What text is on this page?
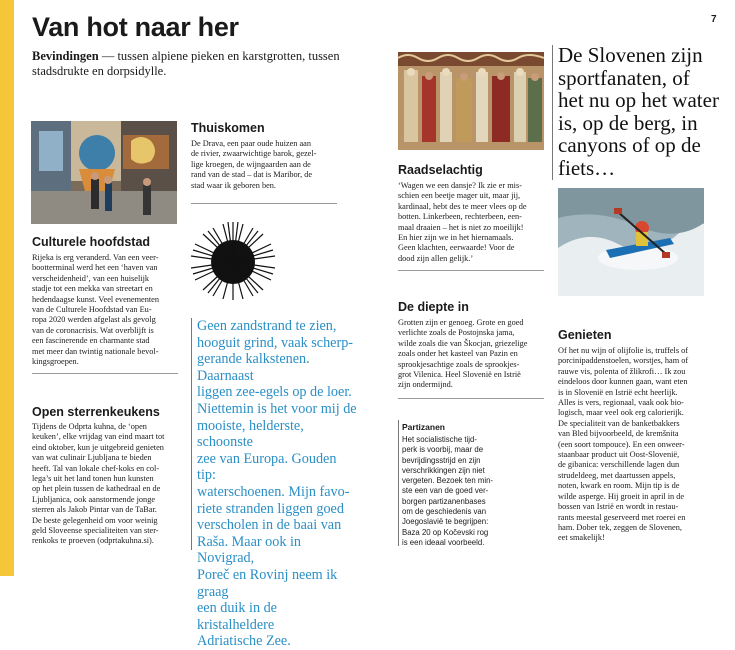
Van hot naar her	7
Bevindingen — tussen alpiene pieken en karstgrotten, tussen stadsdrukte en dorpsidylle.
Culturele hoofdstad
Rijeka is erg veranderd. Van een veer-
bootterminal werd het een ‘haven van
verscheidenheid’, van een huiselijk
stadje tot een mekka van streetart en
hedendaagse kunst. Veel evenementen
van de Culturele Hoofdstad van Eu-
ropa 2020 werden afgelast als gevolg
van de coronacrisis. Wat overblijft is
een fascinerende en charmante stad
met meer dan twintig nationale bevol-
kingsgroepen.
Open sterrenkeukens
Tijdens de Odprta kuhna, de ‘open
keuken’, elke vrijdag van eind maart tot
eind oktober, kun je uitgebreid genieten
van wat culinair Ljubljana te bieden
heeft. Tal van lokale chef-koks en col-
lega’s uit het land tonen hun kunsten
op het plein tussen de kathedraal en de
Ljubljanica, ook aanstormende jonge
sterren als Jakob Pintar van de TaBar.
De beste gelegenheid om voor weinig
geld Sloveense specialiteiten van ster-
renkoks te proeven (odprtakuhna.si).
Thuiskomen
De Drava, een paar oude huizen aan
de rivier, zwaarwichtige barok, gezel-
lige kroegen, de wijngaarden aan de
rand van de stad – dat is Maribor, de
stad waar ik geboren ben.
Geen zandstrand te zien,
hooguit grind, vaak scherp-
gerande kalkstenen. Daarnaast
liggen zee-egels op de loer.
Niettemin is het voor mij de
mooiste, helderste, schoonste
zee van Europa. Gouden tip:
waterschoenen. Mijn favo-
riete stranden liggen goed
verscholen in de baai van
Raša. Maar ook in Novigrad,
Poreč en Rovinj neem ik graag
een duik in de kristalheldere
Adriatische Zee.
Raadselachtig
‘Wagen we een dansje? Ik zie er mis-
schien een beetje mager uit, maar jij,
kardinaal, hebt des te meer vlees op de
botten. Linkerbeen, rechterbeen, een-
maal draaien – het is niet zo moeilijk!
En hier zijn we in het hiernamaals.
Geen klachten, eerwaarde! Voor de
dood zijn allen gelijk.’
De diepte in
Grotten zijn er genoeg. Grote en goed
verlichte zoals de Postojnska jama,
wilde zoals die van Škocjan, griezelige
zoals onder het kasteel van Pazin en
sprookjesachtige zoals de sprookjes-
grot Vilenica. Heel Slovenië en Istrië
zijn ondermijnd.
Partizanen
Het socialistische tijd-
perk is voorbij, maar de
bevrijdingsstrijd en zijn
verschrikkingen zijn niet
vergeten. Bezoek ten min-
ste een van de goed ver-
borgen partizanenbases
om de geschiedenis van
Joegoslavië te begrijpen:
Baza 20 op Kočevski rog
is een ideaal voorbeeld.
De Slovenen zijn
sportfanaten, of
het nu op het water
is, op de berg, in
canyons of op de
fiets…
Genieten
Of het nu wijn of olijfolie is, truffels of
porcinipaddenstoelen, worstjes, ham of
rauwe vis, polenta of žlikrofi… Ik zou
eindeloos door kunnen gaan, want eten
is in Slovenië en Istrië echt heerlijk.
Alles is vers, regionaal, vaak ook bio-
logisch, maar veel ook erg calorierijk.
De specialiteit van de banketbakkers
van Bled bijvoorbeeld, de kremšnita
(een soort tompouce). En een onweer-
staanbaar product uit Oost-Slovenië,
de gibanica: verschillende lagen dun
strudeldeeg, met daartussen appels,
noten, kwark en room. Mijn tip is de
wilde asperge. Hij groeit in april in de
bossen van Istrië en wordt in restau-
rants meestal geserveerd met roerei en
ham. Dober tek, zeggen de Slovenen,
eet smakelijk!
